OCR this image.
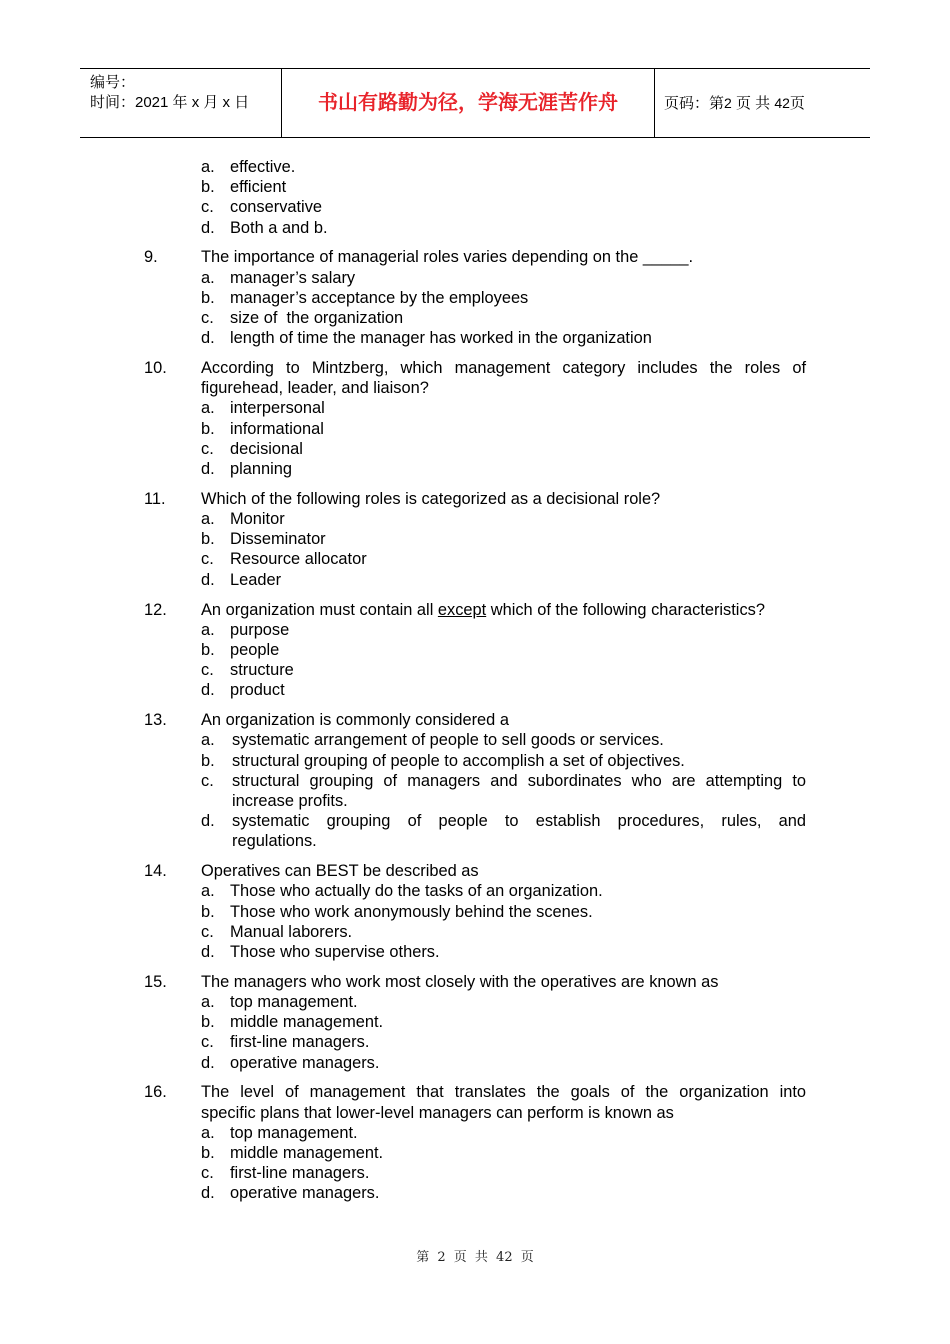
编号：
时间：2021 年 x 月 x 日	书山有路勤为径，学海无涯苦作舟	页码：第2 页 共 42页
a. effective.
b. efficient
c. conservative
d. Both a and b.
9.	The importance of managerial roles varies depending on the _____.
a. manager’s salary
b. manager’s acceptance by the employees
c. size of  the organization
d. length of time the manager has worked in the organization
10. According to Mintzberg, which management category includes the roles of
figurehead, leader, and liaison?
a. interpersonal
b. informational
c. decisional
d. planning
11. Which of the following roles is categorized as a decisional role?
a. Monitor
b. Disseminator
c. Resource allocator
d. Leader
12. An organization must contain all except which of the following characteristics?
a. purpose
b. people
c. structure
d. product
13. An organization is commonly considered a
a. systematic arrangement of people to sell goods or services.
b. structural grouping of people to accomplish a set of objectives.
c. structural grouping of managers and subordinates who are attempting to
increase profits.
d. systematic grouping of people to establish procedures, rules, and
regulations.
14. Operatives can BEST be described as
a. Those who actually do the tasks of an organization.
b. Those who work anonymously behind the scenes.
c. Manual laborers.
d. Those who supervise others.
15. The managers who work most closely with the operatives are known as
a. top management.
b. middle management.
c. first-line managers.
d. operative managers.
16. The level of management that translates the goals of the organization into
specific plans that lower-level managers can perform is known as
a. top management.
b. middle management.
c. first-line managers.
d. operative managers.
第 2 页 共 42 页
